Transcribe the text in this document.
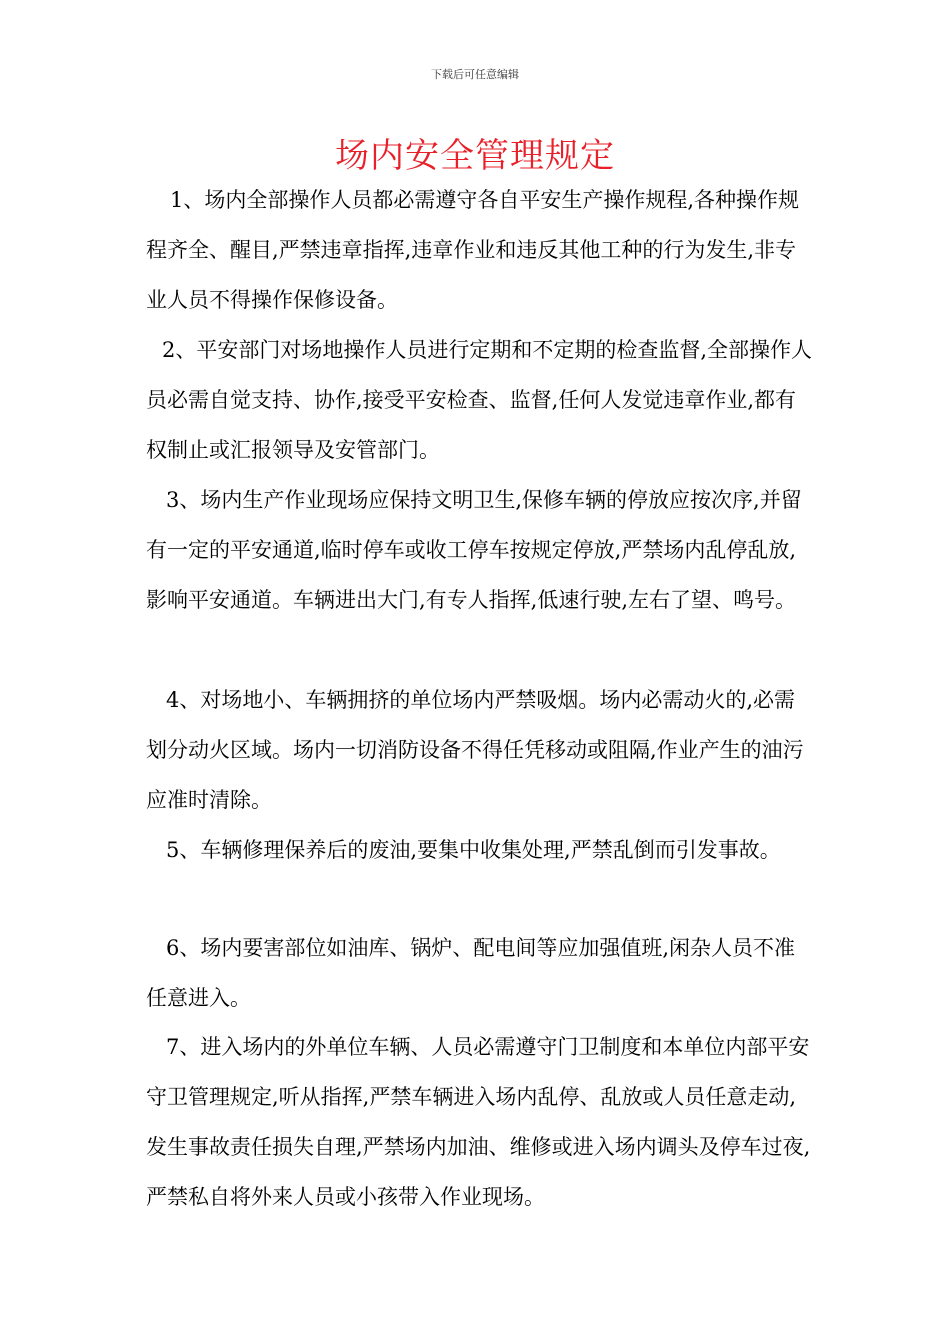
下载后可任意编辑
场内安全管理规定

1、场内全部操作人员都必需遵守各自平安生产操作规程,各种操作规程齐全、醒目,严禁违章指挥,违章作业和违反其他工种的行为发生,非专业人员不得操作保修设备。

2、平安部门对场地操作人员进行定期和不定期的检查监督,全部操作人员必需自觉支持、协作,接受平安检查、监督,任何人发觉违章作业,都有权制止或汇报领导及安管部门。

3、场内生产作业现场应保持文明卫生,保修车辆的停放应按次序,并留有一定的平安通道,临时停车或收工停车按规定停放,严禁场内乱停乱放,影响平安通道。车辆进出大门,有专人指挥,低速行驶,左右了望、鸣号。

4、对场地小、车辆拥挤的单位场内严禁吸烟。场内必需动火的,必需划分动火区域。场内一切消防设备不得任凭移动或阻隔,作业产生的油污应准时清除。

5、车辆修理保养后的废油,要集中收集处理,严禁乱倒而引发事故。

6、场内要害部位如油库、锅炉、配电间等应加强值班,闲杂人员不准任意进入。

7、进入场内的外单位车辆、人员必需遵守门卫制度和本单位内部平安守卫管理规定,听从指挥,严禁车辆进入场内乱停、乱放或人员任意走动,发生事故责任损失自理,严禁场内加油、维修或进入场内调头及停车过夜,严禁私自将外来人员或小孩带入作业现场。
